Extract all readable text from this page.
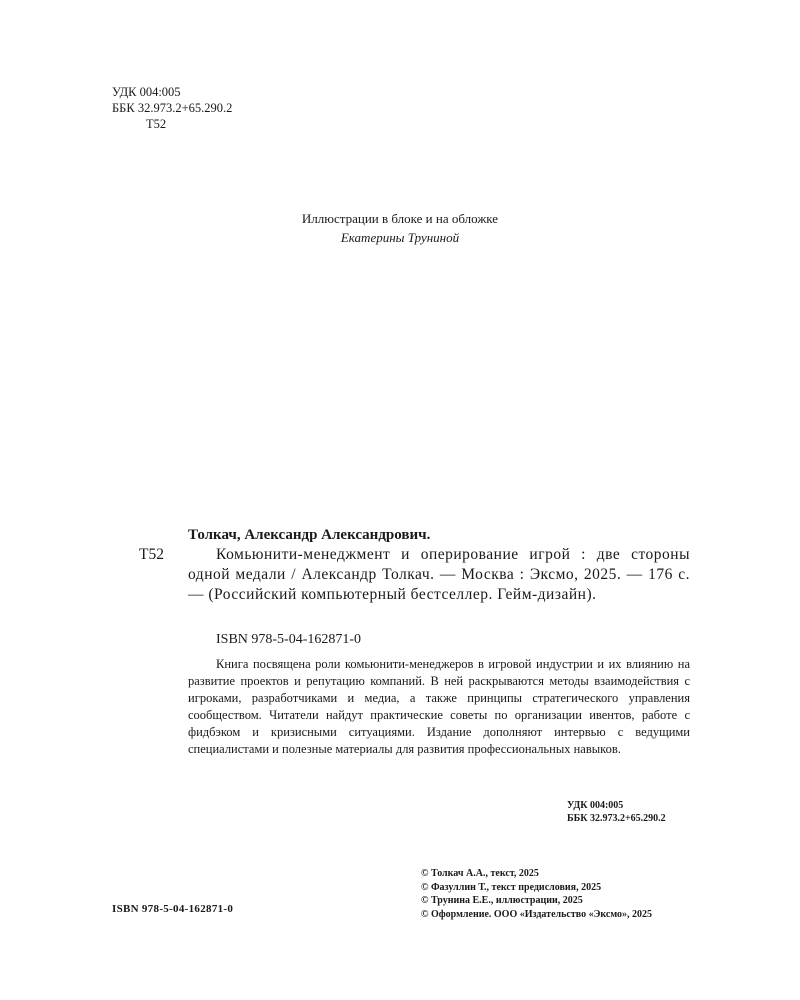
УДК 004:005
ББК 32.973.2+65.290.2
Т52
Иллюстрации в блоке и на обложке
Екатерины Труниной
Толкач, Александр Александрович.
Т52	Комьюнити-менеджмент и оперирование игрой : две стороны одной медали / Александр Толкач. — Москва : Эксмо, 2025. — 176 с. — (Российский компьютерный бестселлер. Гейм-дизайн).
ISBN 978-5-04-162871-0
Книга посвящена роли комьюнити-менеджеров в игровой индустрии и их влиянию на развитие проектов и репутацию компаний. В ней раскрываются методы взаимодействия с игроками, разработчиками и медиа, а также принципы стратегического управления сообществом. Читатели найдут практические советы по организации ивентов, работе с фидбэком и кризисными ситуациями. Издание дополняют интервью с ведущими специалистами и полезные материалы для развития профессиональных навыков.
УДК 004:005
ББК 32.973.2+65.290.2
ISBN 978-5-04-162871-0
© Толкач А.А., текст, 2025
© Фазуллин Т., текст предисловия, 2025
© Трунина Е.Е., иллюстрации, 2025
© Оформление. ООО «Издательство «Эксмо», 2025
